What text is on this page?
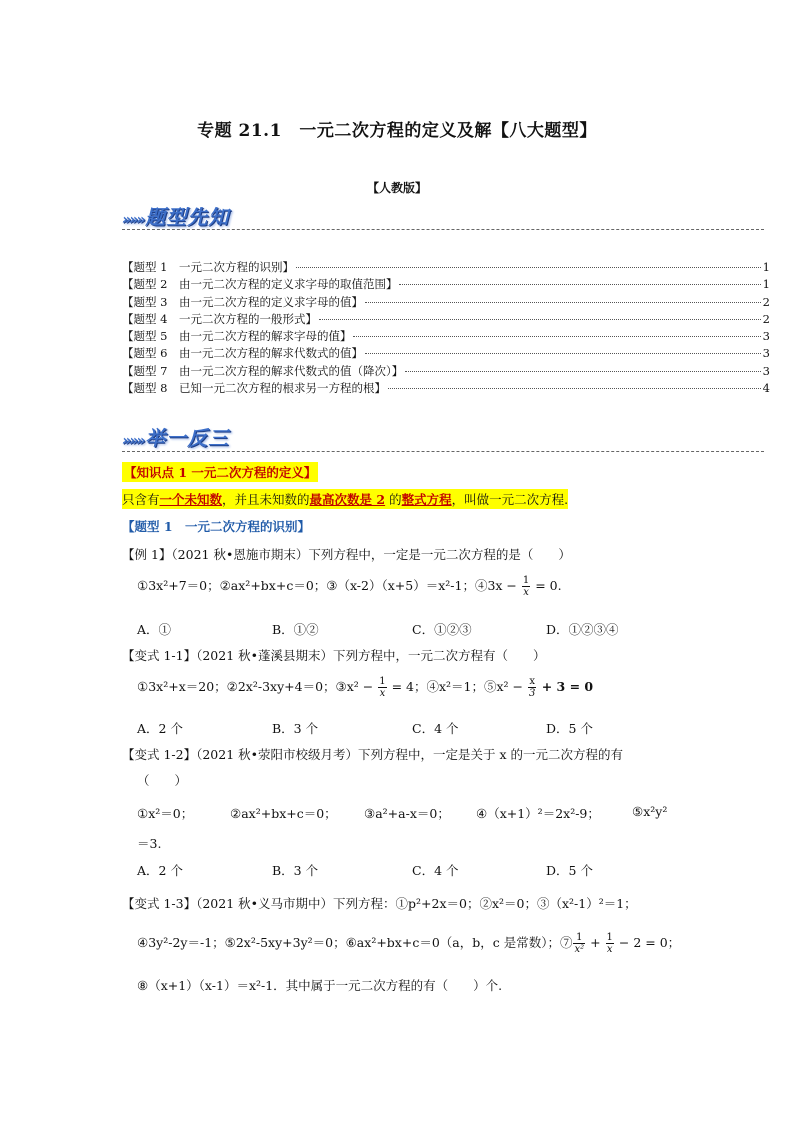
专题 21.1　一元二次方程的定义及解【八大题型】
【人教版】
»»» 题型先知
【题型 1　一元二次方程的识别】	1
【题型 2　由一元二次方程的定义求字母的取值范围】	1
【题型 3　由一元二次方程的定义求字母的值】	2
【题型 4　一元二次方程的一般形式】	2
【题型 5　由一元二次方程的解求字母的值】	3
【题型 6　由一元二次方程的解求代数式的值】	3
【题型 7　由一元二次方程的解求代数式的值（降次）】	3
【题型 8　已知一元二次方程的根求另一方程的根】	4
»»» 举一反三
【知识点 1 一元二次方程的定义】
只含有一个未知数，并且未知数的最高次数是 2 的整式方程，叫做一元二次方程.
【题型 1　一元二次方程的识别】
【例 1】（2021 秋•恩施市期末）下列方程中，一定是一元二次方程的是（　　）
①3x²+7＝0；②ax²+bx+c＝0；③（x-2）（x+5）＝x²-1；④3x − $\frac{1}{x} = 0$.
A．①	B．①②	C．①②③	D．①②③④
【变式 1-1】（2021 秋•蓬溪县期末）下列方程中，一元二次方程有（　　）
①3x²+x＝20；②2x²-3xy+4＝0；③x² − $\frac{1}{x} = 4$；④x²＝1；⑤x² − $\frac{x}{3} + 3 = 0$
A．2 个	B．3 个	C．4 个	D．5 个
【变式 1-2】（2021 秋•荥阳市校级月考）下列方程中，一定是关于 x 的一元二次方程的有
（　　）
①x²＝0；	②ax²+bx+c＝0； ③a²+a-x＝0； ④（x+1）²＝2x²-9；	⑤x²y²
＝3.
A．2 个	B．3 个	C．4 个	D．5 个
【变式 1-3】（2021 秋•义马市期中）下列方程：①p²+2x＝0；②x²＝0；③（x²-1）²＝1；
④3y²-2y＝-1；⑤2x²-5xy+3y²＝0；⑥ax²+bx+c＝0（a，b，c 是常数）；⑦ $\frac{1}{\text{x²}} + \frac{1}{x} - 2 = 0$；
⑧（x+1）（x-1）＝x²-1．其中属于一元二次方程的有（　　）个.
